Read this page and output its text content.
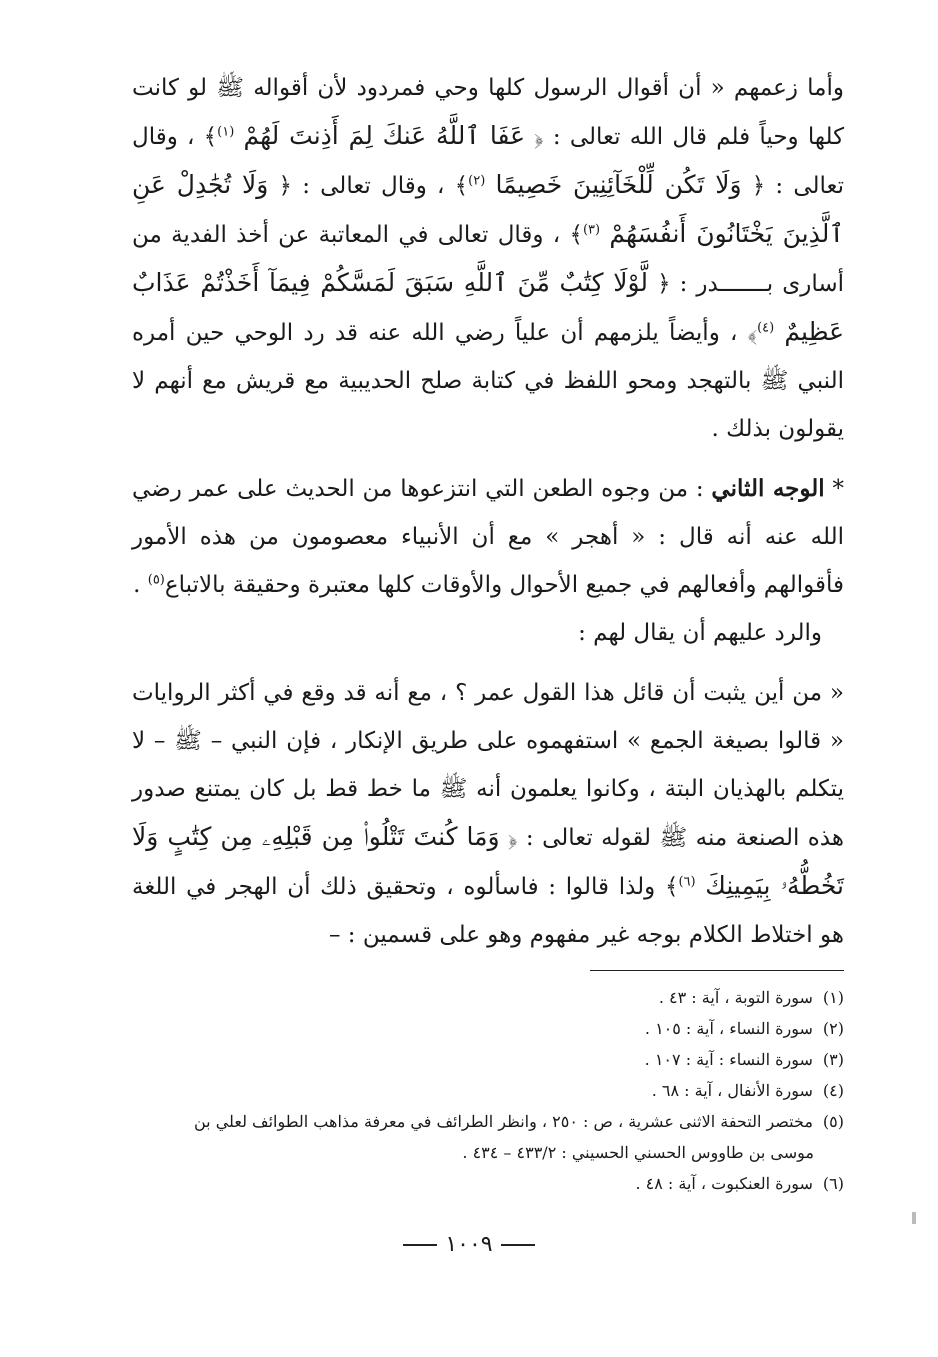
وأما زعمهم « أن أقوال الرسول كلها وحي فمردود لأن أقواله ﷺ لو كانت كلها وحياً فلم قال الله تعالى : ﴿ عَفَا ٱللَّهُ عَنكَ لِمَ أَذِنتَ لَهُمْ $^{(١)}$﴾ ، وقال تعالى : ﴿ وَلَا تَكُن لِّلْخَآئِنِينَ خَصِيمًا $^{(٢)}$﴾ ، وقال تعالى : ﴿ وَلَا تُجَٰدِلْ عَنِ ٱلَّذِينَ يَخْتَانُونَ أَنفُسَهُمْ $^{(٣)}$﴾ ، وقال تعالى في المعاتبة عن أخذ الفدية من أسارى بـــــــدر : ﴿ لَّوْلَا كِتَٰبٌ مِّنَ ٱللَّهِ سَبَقَ لَمَسَّكُمْ فِيمَآ أَخَذْتُمْ عَذَابٌ عَظِيمٌ $^{(٤)}$﴾ ، وأيضاً يلزمهم أن علياً رضي الله عنه قد رد الوحي حين أمره النبي ﷺ بالتهجد ومحو اللفظ في كتابة صلح الحديبية مع قريش مع أنهم لا يقولون بذلك .

* الوجه الثاني : من وجوه الطعن التي انتزعوها من الحديث على عمر رضي الله عنه أنه قال : « أهجر » مع أن الأنبياء معصومون من هذه الأمور فأقوالهم وأفعالهم في جميع الأحوال والأوقات كلها معتبرة وحقيقة بالاتباع$^{(٥)}$ .

والرد عليهم أن يقال لهم :

« من أين يثبت أن قائل هذا القول عمر ؟ ، مع أنه قد وقع في أكثر الروايات « قالوا بصيغة الجمع » استفهموه على طريق الإنكار ، فإن النبي – ﷺ – لا يتكلم بالهذيان البتة ، وكانوا يعلمون أنه ﷺ ما خط قط بل كان يمتنع صدور هذه الصنعة منه ﷺ لقوله تعالى : ﴿ وَمَا كُنتَ تَتْلُوا۟ مِن قَبْلِهِۦ مِن كِتَٰبٍ وَلَا تَخُطُّهُۥ بِيَمِينِكَ $^{(٦)}$﴾ ولذا قالوا : فاسألوه ، وتحقيق ذلك أن الهجر في اللغة هو اختلاط الكلام بوجه غير مفهوم وهو على قسمين : –

(١)سورة التوبة ، آية : ٤٣ .

(٢)سورة النساء ، آية : ١٠٥ .

(٣)سورة النساء : آية : ١٠٧ .

(٤)سورة الأنفال ، آية : ٦٨ .

(٥)مختصر التحفة الاثنى عشرية ، ص : ٢٥٠ ، وانظر الطرائف في معرفة مذاهب الطوائف لعلي بن

موسى بن طاووس الحسني الحسيني : ٤٣٣/٢ – ٤٣٤ .

(٦)سورة العنكبوت ، آية : ٤٨ .

١٠٠٩
